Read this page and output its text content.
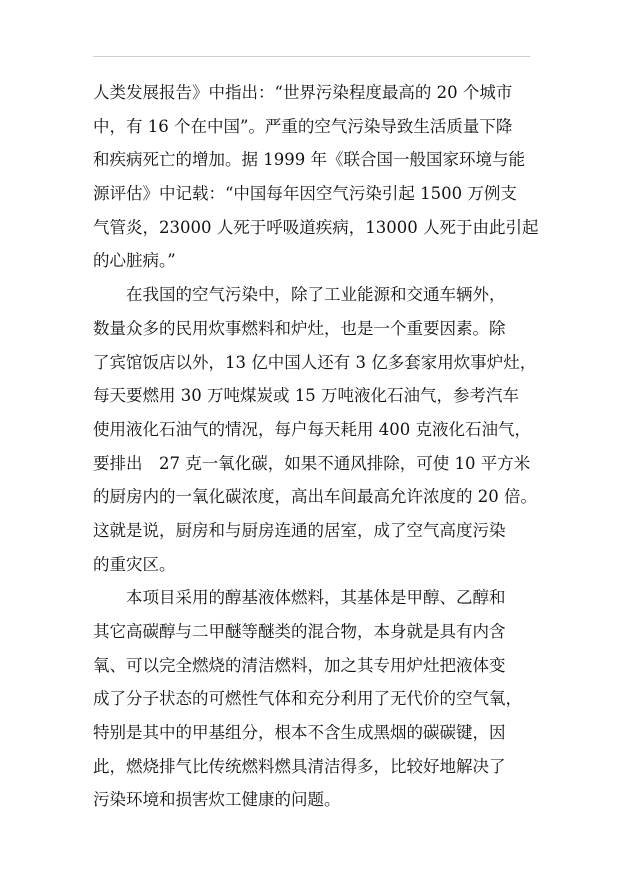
人类发展报告》中指出：“世界污染程度最高的 20 个城市
中，有 16 个在中国”。严重的空气污染导致生活质量下降
和疾病死亡的增加。据 1999 年《联合国一般国家环境与能
源评估》中记载：“中国每年因空气污染引起 1500 万例支
气管炎，23000 人死于呼吸道疾病，13000 人死于由此引起
的心脏病。”
在我国的空气污染中，除了工业能源和交通车辆外，
数量众多的民用炊事燃料和炉灶，也是一个重要因素。除
了宾馆饭店以外，13 亿中国人还有 3 亿多套家用炊事炉灶，
每天要燃用 30 万吨煤炭或 15 万吨液化石油气，参考汽车
使用液化石油气的情况，每户每天耗用 400 克液化石油气，
要排出　27 克一氧化碳，如果不通风排除，可使 10 平方米
的厨房内的一氧化碳浓度，高出车间最高允许浓度的 20 倍。
这就是说，厨房和与厨房连通的居室，成了空气高度污染
的重灾区。
本项目采用的醇基液体燃料，其基体是甲醇、乙醇和
其它高碳醇与二甲醚等醚类的混合物，本身就是具有内含
氧、可以完全燃烧的清洁燃料，加之其专用炉灶把液体变
成了分子状态的可燃性气体和充分利用了无代价的空气氧，
特别是其中的甲基组分，根本不含生成黑烟的碳碳键，因
此，燃烧排气比传统燃料燃具清洁得多，比较好地解决了
污染环境和损害炊工健康的问题。
